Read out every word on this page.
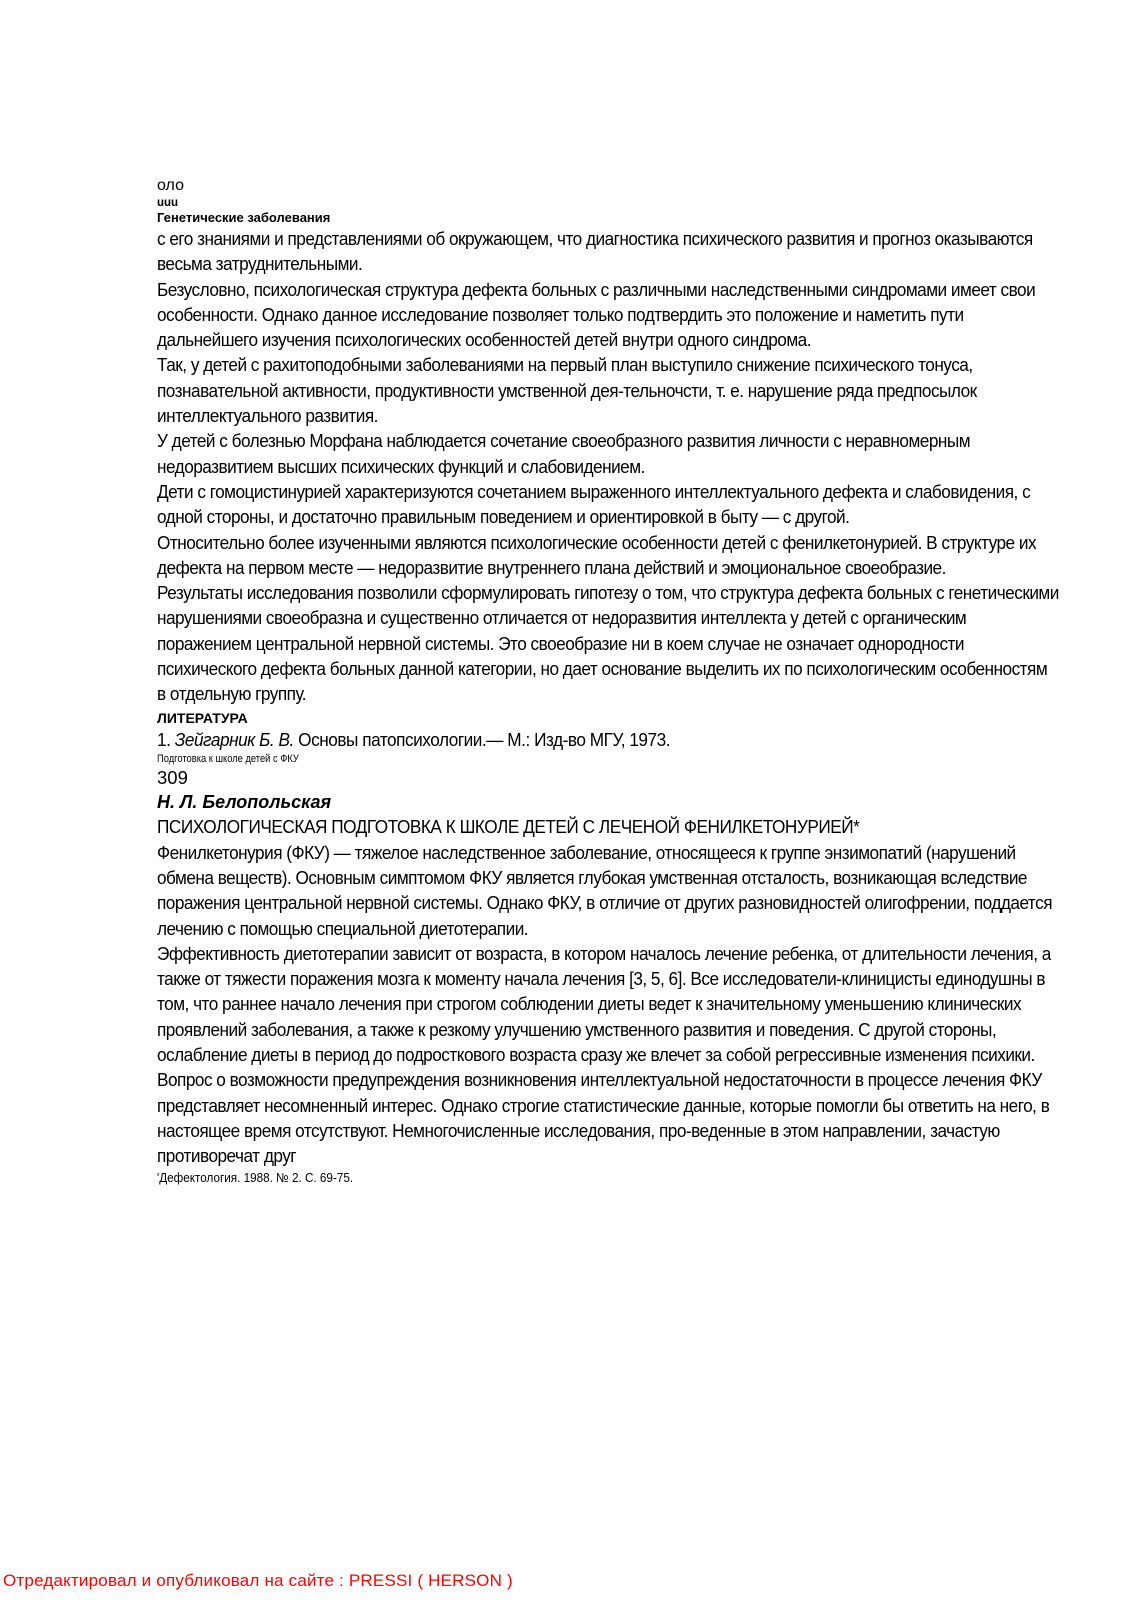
оло

uuu

Генетические заболевания

с его знаниями и представлениями об окружающем, что диагностика психического развития и прогноз оказываются весьма затруднительными.

Безусловно, психологическая структура дефекта больных с различными наследственными синдромами имеет свои особенности. Однако данное исследование позволяет только подтвердить это положение и наметить пути дальнейшего изучения психологических особенностей детей внутри одного синдрома.

Так, у детей с рахитоподобными заболеваниями на первый план выступило снижение психического тонуса, познавательной активности, продуктивности умственной дея-тельночсти, т. е. нарушение ряда предпосылок интеллектуального развития.

У детей с болезнью Морфана наблюдается сочетание своеобразного развития личности с неравномерным недоразвитием высших психических функций и слабовидением.

Дети с гомоцистинурией характеризуются сочетанием выраженного интеллектуального дефекта и слабовидения, с одной стороны, и достаточно правильным поведением и ориентировкой в быту — с другой.

Относительно более изученными являются психологические особенности детей с фенилкетонурией. В структуре их дефекта на первом месте — недоразвитие внутреннего плана действий и эмоциональное своеобразие.

Результаты исследования позволили сформулировать гипотезу о том, что структура дефекта больных с генетическими нарушениями своеобразна и существенно отличается от недоразвития интеллекта у детей с органическим поражением центральной нервной системы. Это своеобразие ни в коем случае не означает однородности психического дефекта больных данной категории, но дает основание выделить их по психологическим особенностям в отдельную группу.

ЛИТЕРАТУРА

1. Зейгарник Б. В. Основы патопсихологии.— М.: Изд-во МГУ, 1973.

Подготовка к школе детей с ФКУ

309

Н. Л. Белопольская

ПСИХОЛОГИЧЕСКАЯ ПОДГОТОВКА К ШКОЛЕ ДЕТЕЙ С ЛЕЧЕНОЙ ФЕНИЛКЕТОНУРИЕЙ*

Фенилкетонурия (ФКУ) — тяжелое наследственное заболевание, относящееся к группе энзимопатий (нарушений обмена веществ). Основным симптомом ФКУ является глубокая умственная отсталость, возникающая вследствие поражения центральной нервной системы. Однако ФКУ, в отличие от других разновидностей олигофрении, поддается лечению с помощью специальной диетотерапии.

Эффективность диетотерапии зависит от возраста, в котором началось лечение ребенка, от длительности лечения, а также от тяжести поражения мозга к моменту начала лечения [3, 5, 6]. Все исследователи-клиницисты единодушны в том, что раннее начало лечения при строгом соблюдении диеты ведет к значительному уменьшению клинических проявлений заболевания, а также к резкому улучшению умственного развития и поведения. С другой стороны, ослабление диеты в период до подросткового возраста сразу же влечет за собой регрессивные изменения психики.

Вопрос о возможности предупреждения возникновения интеллектуальной недостаточности в процессе лечения ФКУ представляет несомненный интерес. Однако строгие статистические данные, которые помогли бы ответить на него, в настоящее время отсутствуют. Немногочисленные исследования, про-веденные в этом направлении, зачастую противоречат друг

'Дефектология. 1988. № 2. С. 69-75.

Отредактировал и опубликовал на сайте : PRESSI ( HERSON )
